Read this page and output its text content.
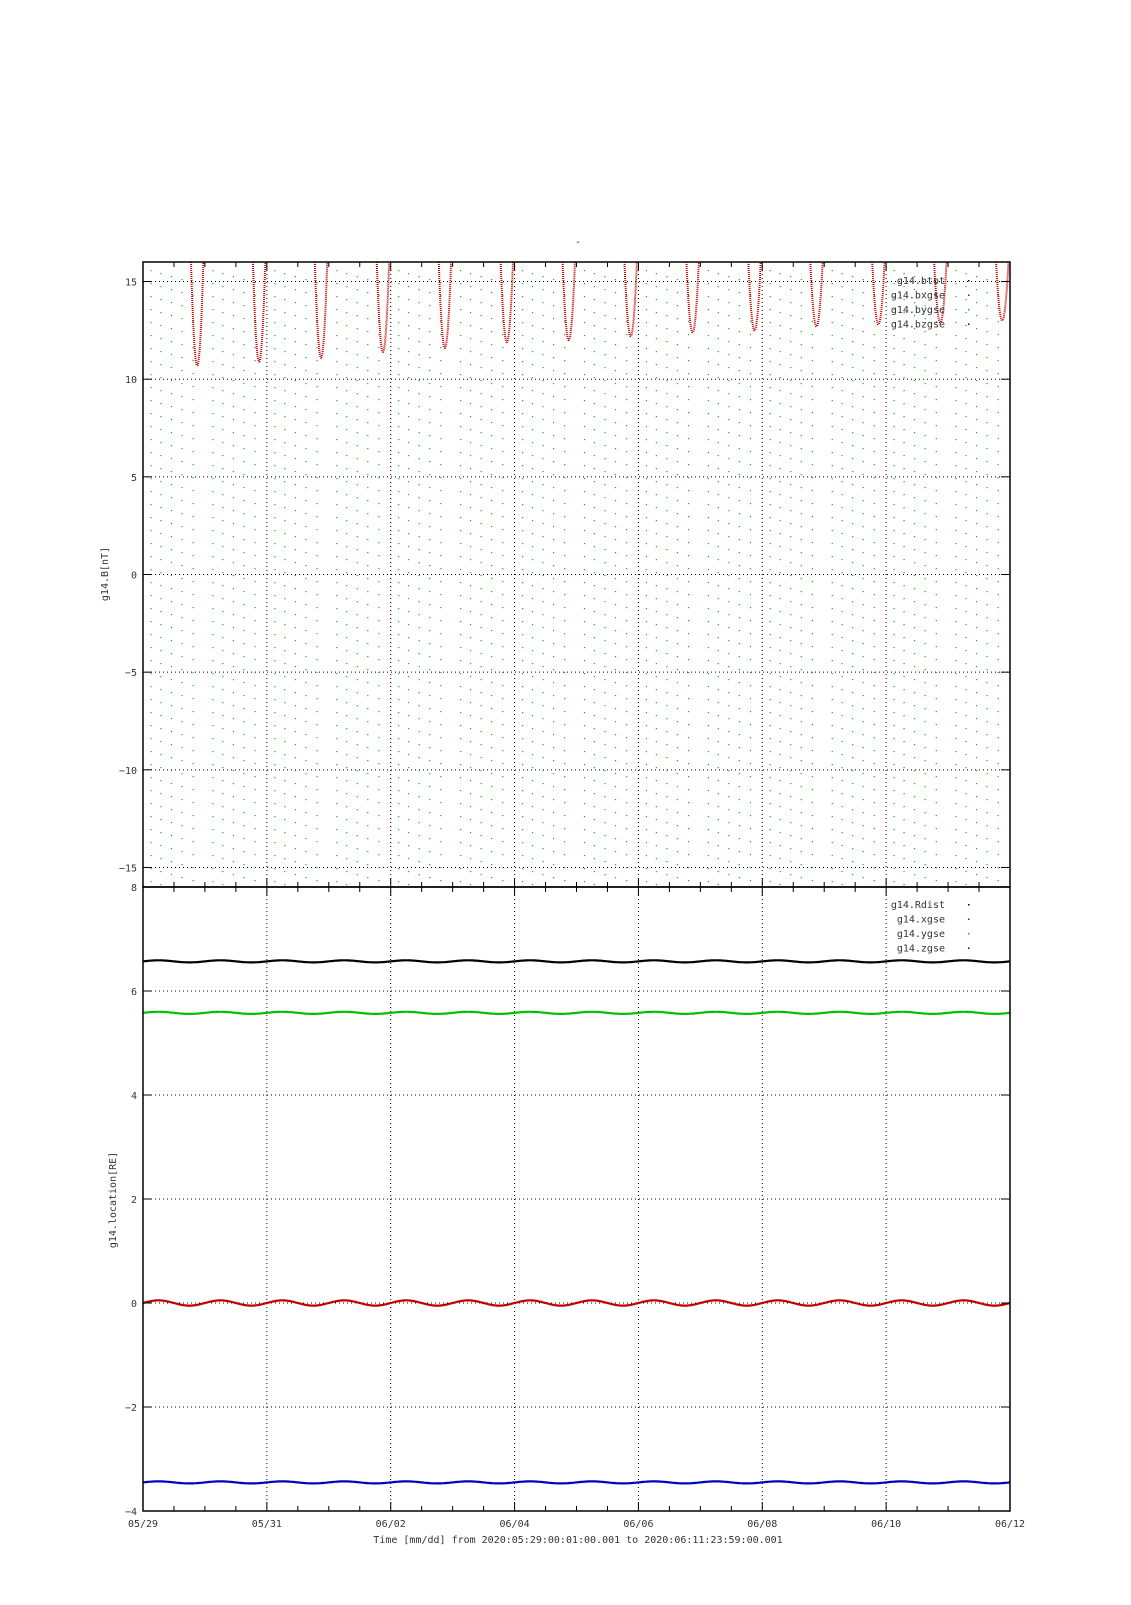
-
−15
−10
−5
0
5
10
15
g14.B[nT]
g14.btot
g14.bxgse
g14.bygse
g14.bzgse
−4
−2
0
2
4
6
8
g14.location[RE]
g14.Rdist
g14.xgse
g14.ygse
g14.zgse
05/29	05/31	06/02	06/04	06/06	06/08	06/10	06/12
Time [mm/dd] from 2020:05:29:00:01:00.001 to 2020:06:11:23:59:00.001
